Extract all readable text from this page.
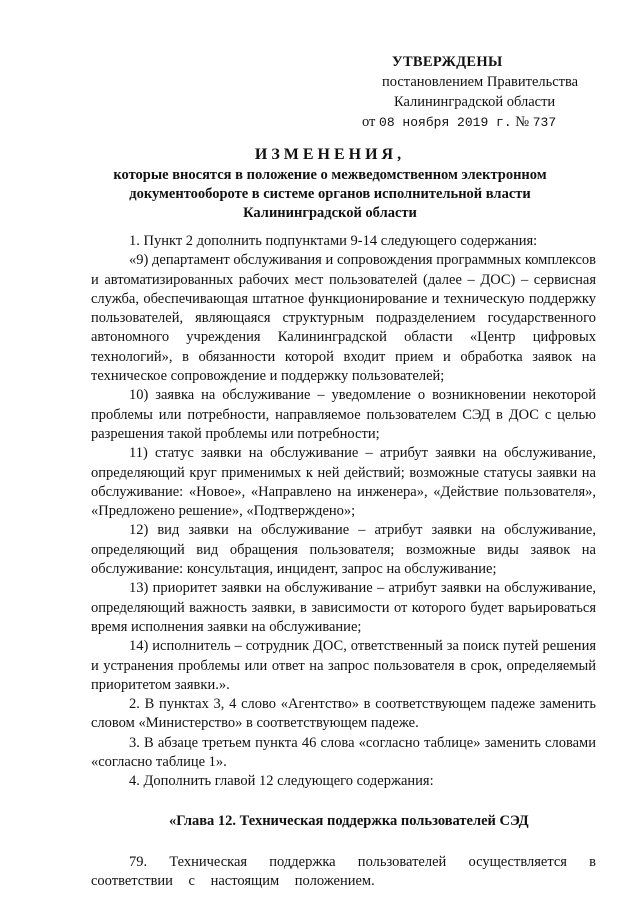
УТВЕРЖДЕНЫ
постановлением Правительства
Калининградской области
от 08 ноября 2019 г. № 737
ИЗМЕНЕНИЯ,
которые вносятся в положение о межведомственном электронном
документообороте в системе органов исполнительной власти
Калининградской области

1. Пункт 2 дополнить подпунктами 9-14 следующего содержания:

«9) департамент обслуживания и сопровождения программных комплексов и автоматизированных рабочих мест пользователей (далее – ДОС) – сервисная служба, обеспечивающая штатное функционирование и техническую поддержку пользователей, являющаяся структурным подразделением государственного автономного учреждения Калининградской области «Центр цифровых технологий», в обязанности которой входит прием и обработка заявок на техническое сопровождение и поддержку пользователей;

10) заявка на обслуживание – уведомление о возникновении некоторой проблемы или потребности, направляемое пользователем СЭД в ДОС с целью разрешения такой проблемы или потребности;

11) статус заявки на обслуживание – атрибут заявки на обслуживание, определяющий круг применимых к ней действий; возможные статусы заявки на обслуживание: «Новое», «Направлено на инженера», «Действие пользователя», «Предложено решение», «Подтверждено»;

12) вид заявки на обслуживание – атрибут заявки на обслуживание, определяющий вид обращения пользователя; возможные виды заявок на обслуживание: консультация, инцидент, запрос на обслуживание;

13) приоритет заявки на обслуживание – атрибут заявки на обслуживание, определяющий важность заявки, в зависимости от которого будет варьироваться время исполнения заявки на обслуживание;

14) исполнитель – сотрудник ДОС, ответственный за поиск путей решения и устранения проблемы или ответ на запрос пользователя в срок, определяемый приоритетом заявки.».

2. В пунктах 3, 4 слово «Агентство» в соответствующем падеже заменить словом «Министерство» в соответствующем падеже.

3. В абзаце третьем пункта 46 слова «согласно таблице» заменить словами «согласно таблице 1».

4. Дополнить главой 12 следующего содержания:

«Глава 12. Техническая поддержка пользователей СЭД

79. Техническая поддержка пользователей осуществляется в соответствии с настоящим положением.
